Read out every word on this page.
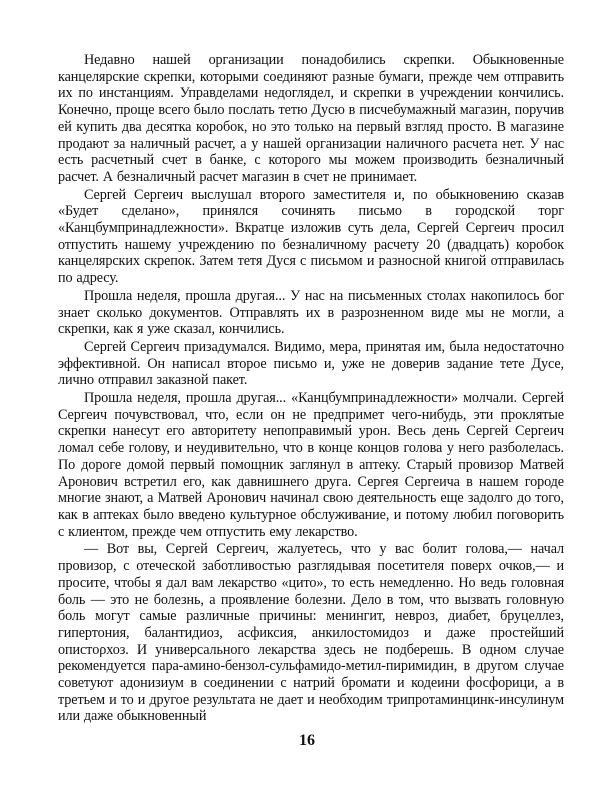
Недавно нашей организации понадобились скрепки. Обыкновенные канцелярские скрепки, которыми соединяют разные бумаги, прежде чем отправить их по инстанциям. Управделами недоглядел, и скрепки в учреждении кончились. Конечно, проще всего было послать тетю Дусю в писчебумажный магазин, поручив ей купить два десятка коробок, но это только на первый взгляд просто. В магазине продают за наличный расчет, а у нашей организации наличного расчета нет. У нас есть расчетный счет в банке, с которого мы можем производить безналичный расчет. А безналичный расчет магазин в счет не принимает.

Сергей Сергеич выслушал второго заместителя и, по обыкновению сказав «Будет сделано», принялся сочинять письмо в городской торг «Канцбумпринадлежности». Вкратце изложив суть дела, Сергей Сергеич просил отпустить нашему учреждению по безналичному расчету 20 (двадцать) коробок канцелярских скрепок. Затем тетя Дуся с письмом и разносной книгой отправилась по адресу.

Прошла неделя, прошла другая... У нас на письменных столах накопилось бог знает сколько документов. Отправлять их в разрозненном виде мы не могли, а скрепки, как я уже сказал, кончились.

Сергей Сергеич призадумался. Видимо, мера, принятая им, была недостаточно эффективной. Он написал второе письмо и, уже не доверив задание тете Дусе, лично отправил заказной пакет.

Прошла неделя, прошла другая... «Канцбумпринадлежности» молчали. Сергей Сергеич почувствовал, что, если он не предпримет чего-нибудь, эти проклятые скрепки нанесут его авторитету непоправимый урон. Весь день Сергей Сергеич ломал себе голову, и неудивительно, что в конце концов голова у него разболелась. По дороге домой первый помощник заглянул в аптеку. Старый провизор Матвей Аронович встретил его, как давнишнего друга. Сергея Сергеича в нашем городе многие знают, а Матвей Аронович начинал свою деятельность еще задолго до того, как в аптеках было введено культурное обслуживание, и потому любил поговорить с клиентом, прежде чем отпустить ему лекарство.

— Вот вы, Сергей Сергеич, жалуетесь, что у вас болит голова,— начал провизор, с отеческой заботливостью разглядывая посетителя поверх очков,— и просите, чтобы я дал вам лекарство «цито», то есть немедленно. Но ведь головная боль — это не болезнь, а проявление болезни. Дело в том, что вызвать головную боль могут самые различные причины: менингит, невроз, диабет, бруцеллез, гипертония, балантидиоз, асфиксия, анкилостомидоз и даже простейший опистορхоз. И универсального лекарства здесь не подберешь. В одном случае рекомендуется пара-амино-бензол-сульфамидо-метил-пиримидин, в другом случае советуют адонизиум в соединении с натрий бромати и кодеини фосфорици, а в третьем и то и другое результата не дает и необходим трипротаминцинк-инсулинум или даже обыкновенный

16
